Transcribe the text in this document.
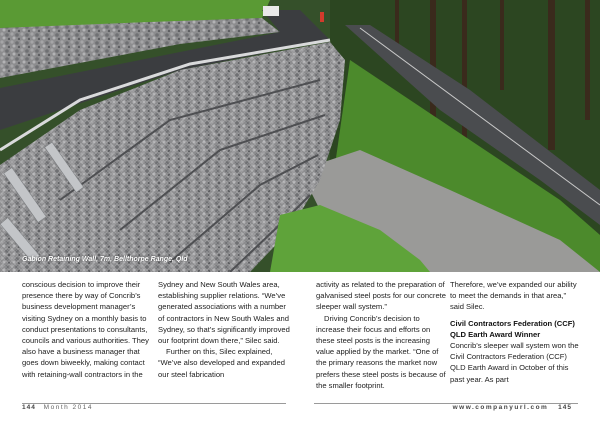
Gabion Retaining Wall, 7m, Bellthorpe Range, Qld

conscious decision to improve their presence there by way of Concrib’s business development manager’s visiting Sydney on a monthly basis to conduct presentations to consultants, councils and various authorities. They also have a business manager that goes down biweekly, making contact with retaining-wall contractors in the

Sydney and New South Wales area, establishing supplier relations. “We’ve generated associations with a number of contractors in New South Wales and Sydney, so that’s significantly improved our footprint down there,” Silec said.

Further on this, Silec explained, “We’ve also developed and expanded our steel fabrication

activity as related to the preparation of galvanised steel posts for our concrete sleeper wall system.”

Driving Concrib’s decision to increase their focus and efforts on these steel posts is the increasing value applied by the market. “One of the primary reasons the market now prefers these steel posts is because of the smaller footprint.

Therefore, we’ve expanded our ability to meet the demands in that area,” said Silec.

Civil Contractors Federation (CCF) QLD Earth Award Winner

Concrib’s sleeper wall system won the Civil Contractors Federation (CCF) QLD Earth Award in October of this past year. As part

144 Month 2014	www.companyurl.com 145
